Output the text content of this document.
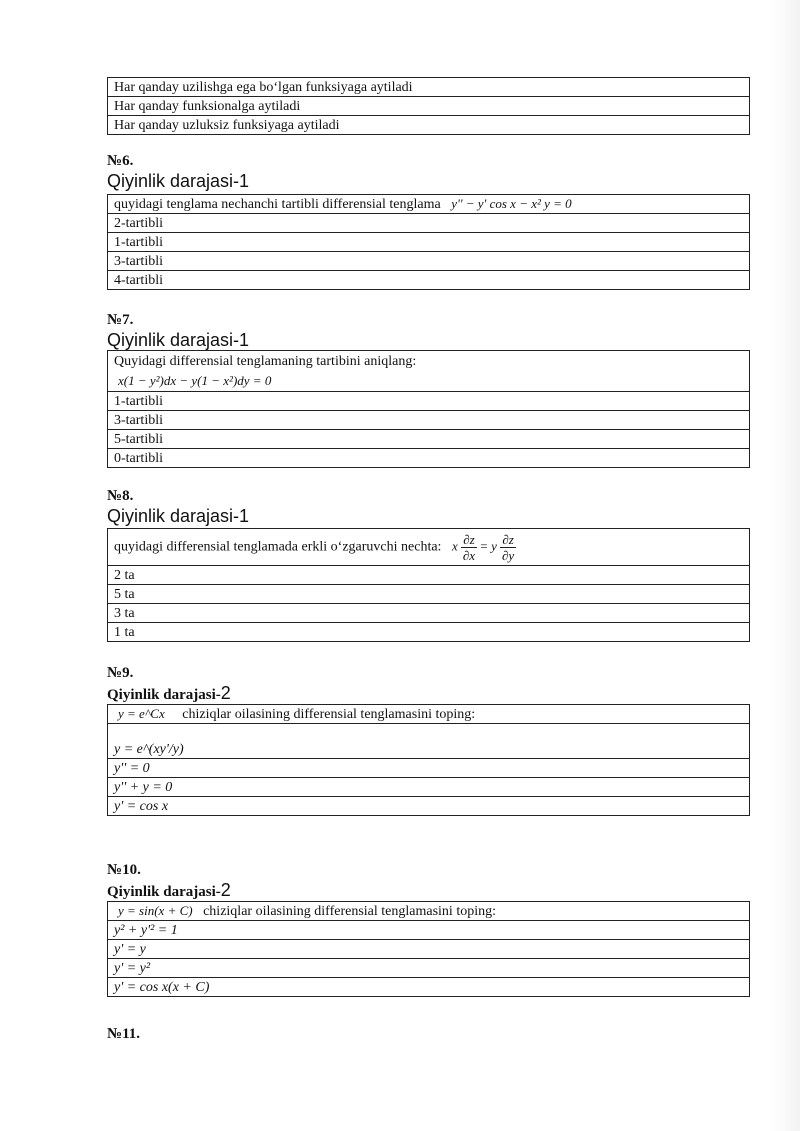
Har qanday uzilishga ega bo‘lgan funksiyaga aytiladi
Har qanday funksionalga aytiladi
Har qanday uzluksiz funksiyaga aytiladi
№6.
Qiyinlik darajasi-1
quyidagi tenglama nechanchi tartibli differensial tenglama y'' − y' cos x − x² y = 0
2-tartibli
1-tartibli
3-tartibli
4-tartibli
№7.
Qiyinlik darajasi-1
Quyidagi differensial tenglamaning tartibini aniqlang:
x(1 − y²)dx − y(1 − x²)dy = 0

1-tartibli
3-tartibli
5-tartibli
0-tartibli
№8.
Qiyinlik darajasi-1
quyidagi differensial tenglamada erkli o‘zgaruvchi nechta: x $\frac{\partial z}{\partial x} = y \frac{\partial z}{\partial y}$

2 ta
5 ta
3 ta
1 ta
№9.
Qiyinlik darajasi-2
y = e^Cx chiziqlar oilasining differensial tenglamasini toping:
y = e^(xy'/y)
y'' = 0
y'' + y = 0
y' = cos x
№10.
Qiyinlik darajasi-2
y = sin(x + C) chiziqlar oilasining differensial tenglamasini toping:
y² + y'² = 1
y' = y
y' = y²
y' = cos x(x + C)
№11.
